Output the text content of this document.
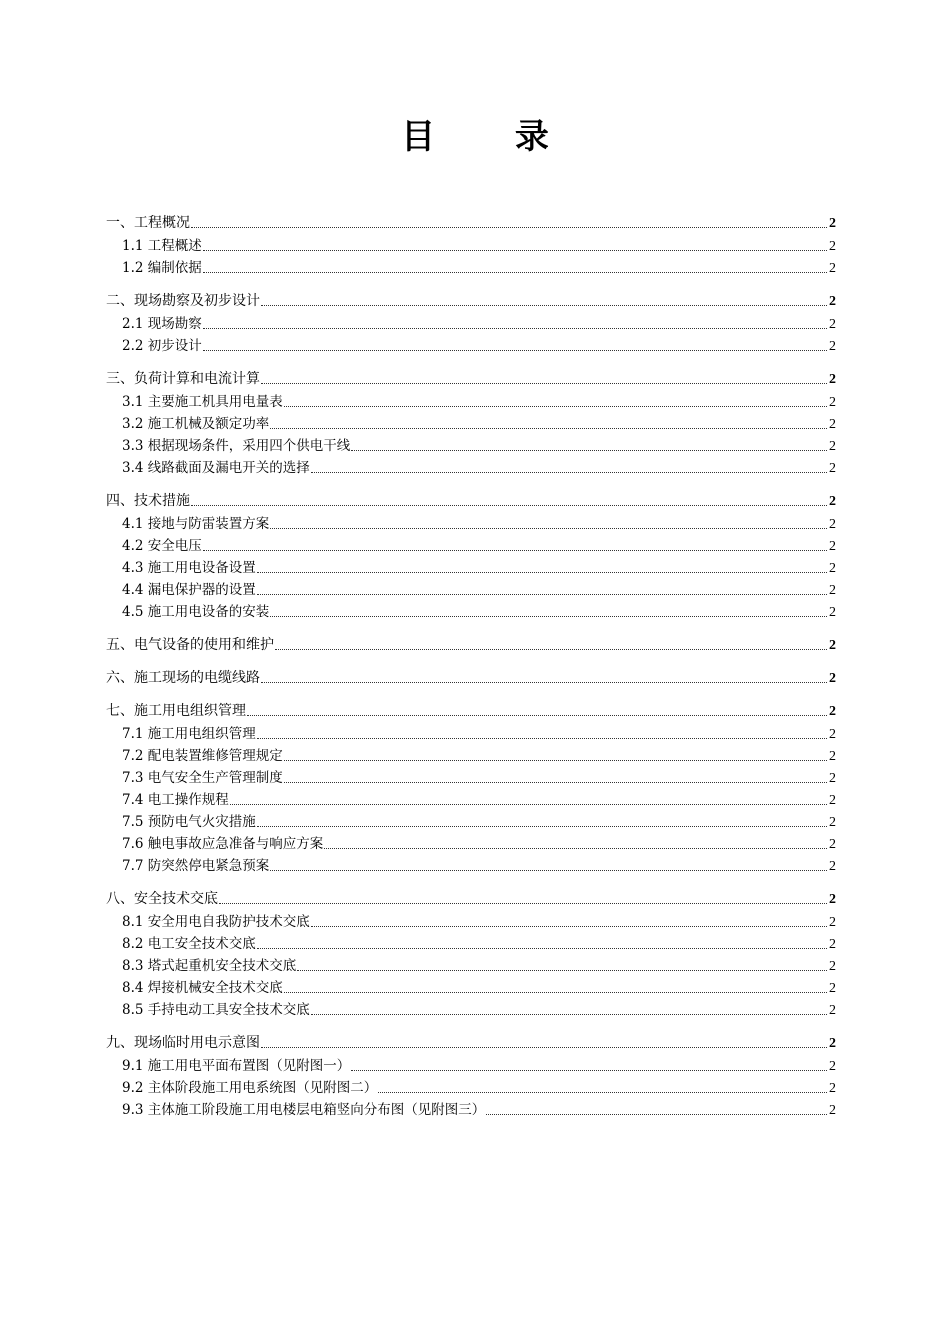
目 录
一、工程概况	2
1.1 工程概述	2
1.2 编制依据	2
二、现场勘察及初步设计	2
2.1 现场勘察	2
2.2 初步设计	2
三、负荷计算和电流计算	2
3.1 主要施工机具用电量表	2
3.2 施工机械及额定功率	2
3.3 根据现场条件，采用四个供电干线	2
3.4 线路截面及漏电开关的选择	2
四、技术措施	2
4.1 接地与防雷装置方案	2
4.2 安全电压	2
4.3 施工用电设备设置	2
4.4 漏电保护器的设置	2
4.5 施工用电设备的安装	2
五、电气设备的使用和维护	2
六、施工现场的电缆线路	2
七、施工用电组织管理	2
7.1 施工用电组织管理	2
7.2 配电装置维修管理规定	2
7.3 电气安全生产管理制度	2
7.4 电工操作规程	2
7.5 预防电气火灾措施	2
7.6 触电事故应急准备与响应方案	2
7.7 防突然停电紧急预案	2
八、安全技术交底	2
8.1 安全用电自我防护技术交底	2
8.2 电工安全技术交底	2
8.3 塔式起重机安全技术交底	2
8.4 焊接机械安全技术交底	2
8.5 手持电动工具安全技术交底	2
九、现场临时用电示意图	2
9.1 施工用电平面布置图（见附图一）	2
9.2 主体阶段施工用电系统图（见附图二）	2
9.3 主体施工阶段施工用电楼层电箱竖向分布图（见附图三）	2
